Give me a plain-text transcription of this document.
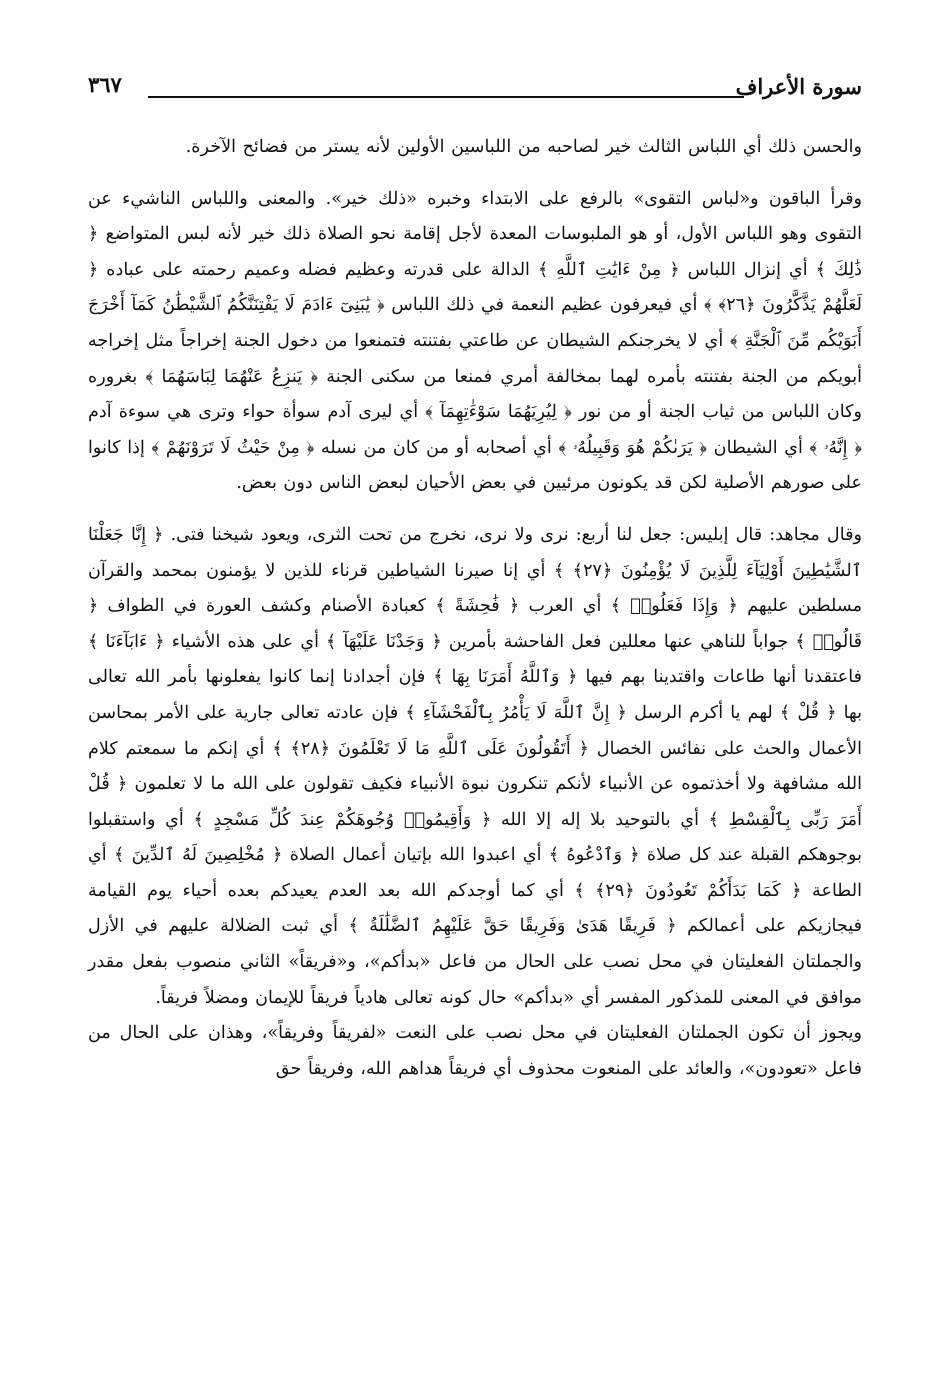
سورة الأعراف
٣٦٧

والحسن ذلك أي اللباس الثالث خير لصاحبه من اللباسين الأولين لأنه يستر من فضائح الآخرة.

وقرأ الباقون و«لباس التقوى» بالرفع على الابتداء وخبره «ذلك خير». والمعنى واللباس الناشيء عن التقوى وهو اللباس الأول، أو هو الملبوسات المعدة لأجل إقامة نحو الصلاة ذلك خير لأنه لبس المتواضع ﴿ ذَٰلِكَ ﴾ أي إنزال اللباس ﴿ مِنْ ءَايَٰتِ ٱللَّهِ ﴾ الدالة على قدرته وعظيم فضله وعميم رحمته على عباده ﴿ لَعَلَّهُمْ يَذَّكَّرُونَ ﴿٢٦﴾ ﴾ أي فيعرفون عظيم النعمة في ذلك اللباس ﴿ يَٰبَنِىٓ ءَادَمَ لَا يَفْتِنَنَّكُمُ ٱلشَّيْطَٰنُ كَمَآ أَخْرَجَ أَبَوَيْكُم مِّنَ ٱلْجَنَّةِ ﴾ أي لا يخرجنكم الشيطان عن طاعتي بفتنته فتمنعوا من دخول الجنة إخراجاً مثل إخراجه أبويكم من الجنة بفتنته بأمره لهما بمخالفة أمري فمنعا من سكنى الجنة ﴿ يَنزِعُ عَنْهُمَا لِبَاسَهُمَا ﴾ بغروره وكان اللباس من ثياب الجنة أو من نور ﴿ لِيُرِيَهُمَا سَوْءَٰتِهِمَآ ﴾ أي ليرى آدم سوأة حواء وترى هي سوءة آدم ﴿ إِنَّهُۥ ﴾ أي الشيطان ﴿ يَرَىٰكُمْ هُوَ وَقَبِيلُهُۥ ﴾ أي أصحابه أو من كان من نسله ﴿ مِنْ حَيْثُ لَا تَرَوْنَهُمْ ﴾ إذا كانوا على صورهم الأصلية لكن قد يكونون مرئيين في بعض الأحيان لبعض الناس دون بعض.

وقال مجاهد: قال إبليس: جعل لنا أربع: نرى ولا نرى، نخرج من تحت الثرى، ويعود شيخنا فتى. ﴿ إِنَّا جَعَلْنَا ٱلشَّيَٰطِينَ أَوْلِيَآءَ لِلَّذِينَ لَا يُؤْمِنُونَ ﴿٢٧﴾ ﴾ أي إنا صيرنا الشياطين قرناء للذين لا يؤمنون بمحمد والقرآن مسلطين عليهم ﴿ وَإِذَا فَعَلُوا۟ ﴾ أي العرب ﴿ فَٰحِشَةً ﴾ كعبادة الأصنام وكشف العورة في الطواف ﴿ قَالُوا۟ ﴾ جواباً للناهي عنها معللين فعل الفاحشة بأمرين ﴿ وَجَدْنَا عَلَيْهَآ ﴾ أي على هذه الأشياء ﴿ ءَابَآءَنَا ﴾ فاعتقدنا أنها طاعات واقتدينا بهم فيها ﴿ وَٱللَّهُ أَمَرَنَا بِهَا ﴾ فإن أجدادنا إنما كانوا يفعلونها بأمر الله تعالى بها ﴿ قُلْ ﴾ لهم يا أكرم الرسل ﴿ إِنَّ ٱللَّهَ لَا يَأْمُرُ بِٱلْفَحْشَآءِ ﴾ فإن عادته تعالى جارية على الأمر بمحاسن الأعمال والحث على نفائس الخصال ﴿ أَتَقُولُونَ عَلَى ٱللَّهِ مَا لَا تَعْلَمُونَ ﴿٢٨﴾ ﴾ أي إنكم ما سمعتم كلام الله مشافهة ولا أخذتموه عن الأنبياء لأنكم تنكرون نبوة الأنبياء فكيف تقولون على الله ما لا تعلمون ﴿ قُلْ أَمَرَ رَبِّى بِٱلْقِسْطِ ﴾ أي بالتوحيد بلا إله إلا الله ﴿ وَأَقِيمُوا۟ وُجُوهَكُمْ عِندَ كُلِّ مَسْجِدٍ ﴾ أي واستقبلوا بوجوهكم القبلة عند كل صلاة ﴿ وَٱدْعُوهُ ﴾ أي اعبدوا الله بإتيان أعمال الصلاة ﴿ مُخْلِصِينَ لَهُ ٱلدِّينَ ﴾ أي الطاعة ﴿ كَمَا بَدَأَكُمْ تَعُودُونَ ﴿٢٩﴾ ﴾ أي كما أوجدكم الله بعد العدم يعيدكم بعده أحياء يوم القيامة فيجازيكم على أعمالكم ﴿ فَرِيقًا هَدَىٰ وَفَرِيقًا حَقَّ عَلَيْهِمُ ٱلضَّلَٰلَةُ ﴾ أي ثبت الضلالة عليهم في الأزل والجملتان الفعليتان في محل نصب على الحال من فاعل «بدأكم»، و«فريقاً» الثاني منصوب بفعل مقدر موافق في المعنى للمذكور المفسر أي «بدأكم» حال كونه تعالى هادياً فريقاً للإيمان ومضلاً فريقاً.

ويجوز أن تكون الجملتان الفعليتان في محل نصب على النعت «لفريقاً وفريقاً»، وهذان على الحال من فاعل «تعودون»، والعائد على المنعوت محذوف أي فريقاً هداهم الله، وفريقاً حق
